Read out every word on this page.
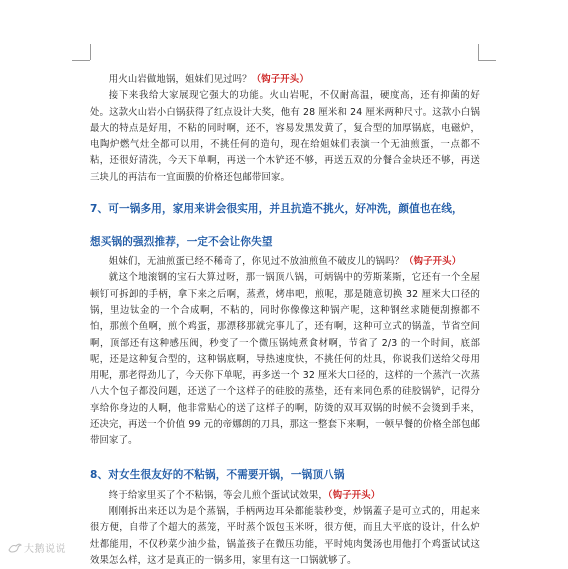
用火山岩做地锅，姐妹们见过吗？（钩子开头）

接下来我给大家展现它强大的功能。火山岩呢，不仅耐高温，硬度高，还有抑菌的好处。这款火山岩小白锅获得了红点设计大奖，他有 28 厘米和 24 厘米两种尺寸。这款小白锅最大的特点是好用，不粘的同时啊，还不，容易发黑发黄了，复合型的加厚锅底，电磁炉，电陶炉燃气灶全都可以用，不挑任何的造句，现在给姐妹们表演一个无油煎蛋，一点都不粘，还很好清洗，今天下单啊，再送一个木铲还不够，再送五双的分餐合金块还不够，再送三块儿的再洁布一宜面膜的价格还包邮带回家。

7、可一锅多用，家用来讲会很实用，并且抗造不挑火，好冲洗，颜值也在线，
想买锅的强烈推荐，一定不会让你失望

姐妹们，无油煎蛋已经不稀奇了，你见过不放油煎鱼不破皮儿的锅吗？（钩子开头）

就这个地滚钢的宝石大算过呀，那一锅顶八锅，可炳锅中的劳斯莱斯，它还有一个全屋顿钉可拆卸的手柄，拿下来之后啊，蒸煮，烤串吧，煎呢，那是随意切换 32 厘米大口径的锅，里边钛金的一个合成啊，不粘的，同时你像像这种锅产呢，这种钢丝求随便刮擦都不怕，那煎个鱼啊，煎个鸡蛋，那漂移那就完事儿了，还有啊，这种可立式的锅盖，节省空间啊，顶部还有这种感压阀，秒变了一个微压锅炖煮食材啊，节省了 2/3 的一个时间，底部呢，还是这种复合型的，这种锅底啊，导热速度快，不挑任何的灶具，你说我们送给父母用用呢，那老得劲儿了，今天你下单呢，再多送一个 32 厘米大口径的，这样的一个蒸汽一次蒸八大个包子都没问题，还送了一个这样子的硅胶的蒸垫，还有来同色系的硅胶锅铲，记得分享给你身边的人啊，他非常贴心的送了这样子的啊，防烫的双耳双锅的时候不会烫到手来，还决完，再送一个价值 99 元的帝娜朗的刀具，那这一整套下来啊，一顿早餐的价格全部包邮带回家了。

8、对女生很友好的不粘锅，不需要开锅，一锅顶八锅

终于给家里买了个不粘锅，等会儿煎个蛋试试效果，（钩子开头）

刚刚拆出来还以为是个蒸锅，手柄两边耳朵都能装秒变，炒锅蓋子是可立式的，用起来很方便，自带了个超大的蒸笼，平时蒸个饭包玉米呀，很方便，而且大平底的设计，什么炉灶都能用，不仅秒菜少油少盐，锅盖孩子在微压功能，平时炖肉煲汤也用他打个鸡蛋试试这效果怎么样，这才是真正的一锅多用，家里有这一口锅就够了。

大鹅说说
